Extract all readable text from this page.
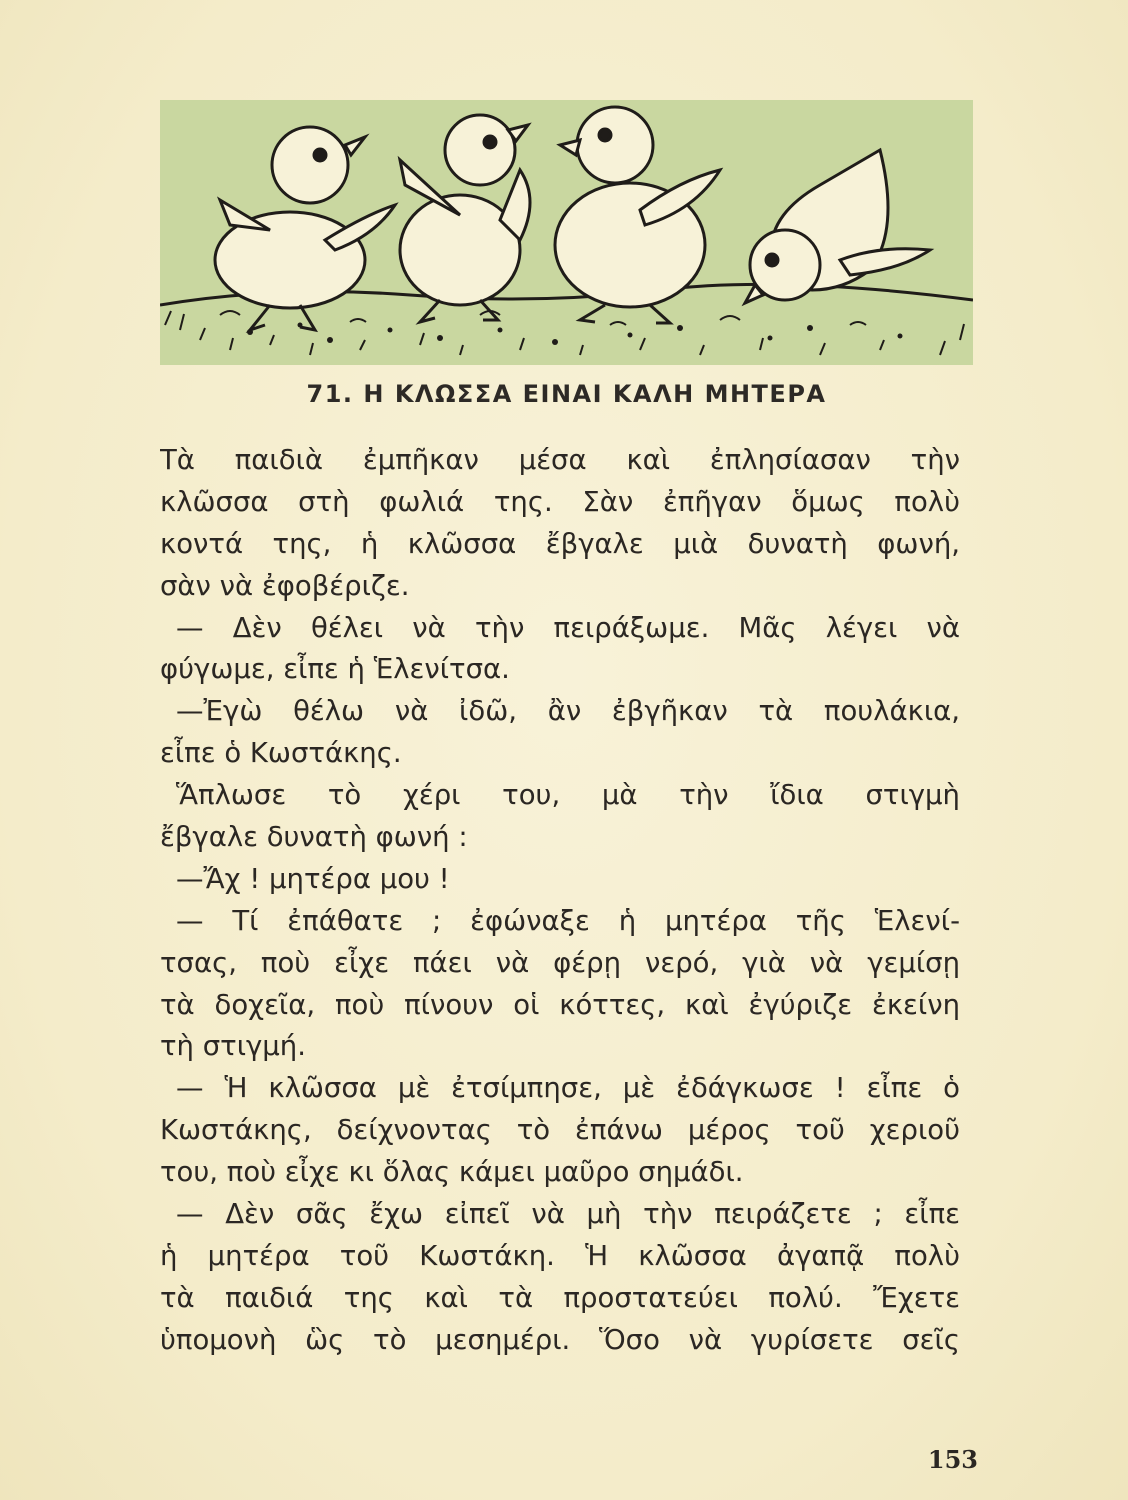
71. Η ΚΛΩΣΣΑ ΕΙΝΑΙ ΚΑΛΗ ΜΗΤΕΡΑ
Τὰ παιδιὰ ἐμπῆκαν μέσα καὶ ἐπλησίασαν τὴν
κλῶσσα στὴ φωλιά της. Σὰν ἐπῆγαν ὅμως πολὺ
κοντά της, ἡ κλῶσσα ἔβγαλε μιὰ δυνατὴ φωνή,
σὰν νὰ ἐφοβέριζε.
— Δὲν θέλει νὰ τὴν πειράξωμε. Μᾶς λέγει νὰ
φύγωμε, εἶπε ἡ Ἑλενίτσα.
—Ἐγὼ θέλω νὰ ἰδῶ, ἂν ἐβγῆκαν τὰ πουλάκια,
εἶπε ὁ Κωστάκης.
Ἅπλωσε τὸ χέρι του, μὰ τὴν ἴδια στιγμὴ
ἔβγαλε δυνατὴ φωνή :
—Ἄχ ! μητέρα μου !
— Τί ἐπάθατε ; ἐφώναξε ἡ μητέρα τῆς Ἑλενί-
τσας, ποὺ εἶχε πάει νὰ φέρῃ νερό, γιὰ νὰ γεμίσῃ
τὰ δοχεῖα, ποὺ πίνουν οἱ κόττες, καὶ ἐγύριζε ἐκείνη
τὴ στιγμή.
— Ἡ κλῶσσα μὲ ἐτσίμπησε, μὲ ἐδάγκωσε ! εἶπε ὁ
Κωστάκης, δείχνοντας τὸ ἐπάνω μέρος τοῦ χεριοῦ
του, ποὺ εἶχε κι ὅλας κάμει μαῦρο σημάδι.
— Δὲν σᾶς ἔχω εἰπεῖ νὰ μὴ τὴν πειράζετε ; εἶπε
ἡ μητέρα τοῦ Κωστάκη. Ἡ κλῶσσα ἀγαπᾷ πολὺ
τὰ παιδιά της καὶ τὰ προστατεύει πολύ. Ἔχετε
ὑπομονὴ ὣς τὸ μεσημέρι. Ὅσο νὰ γυρίσετε σεῖς
153
